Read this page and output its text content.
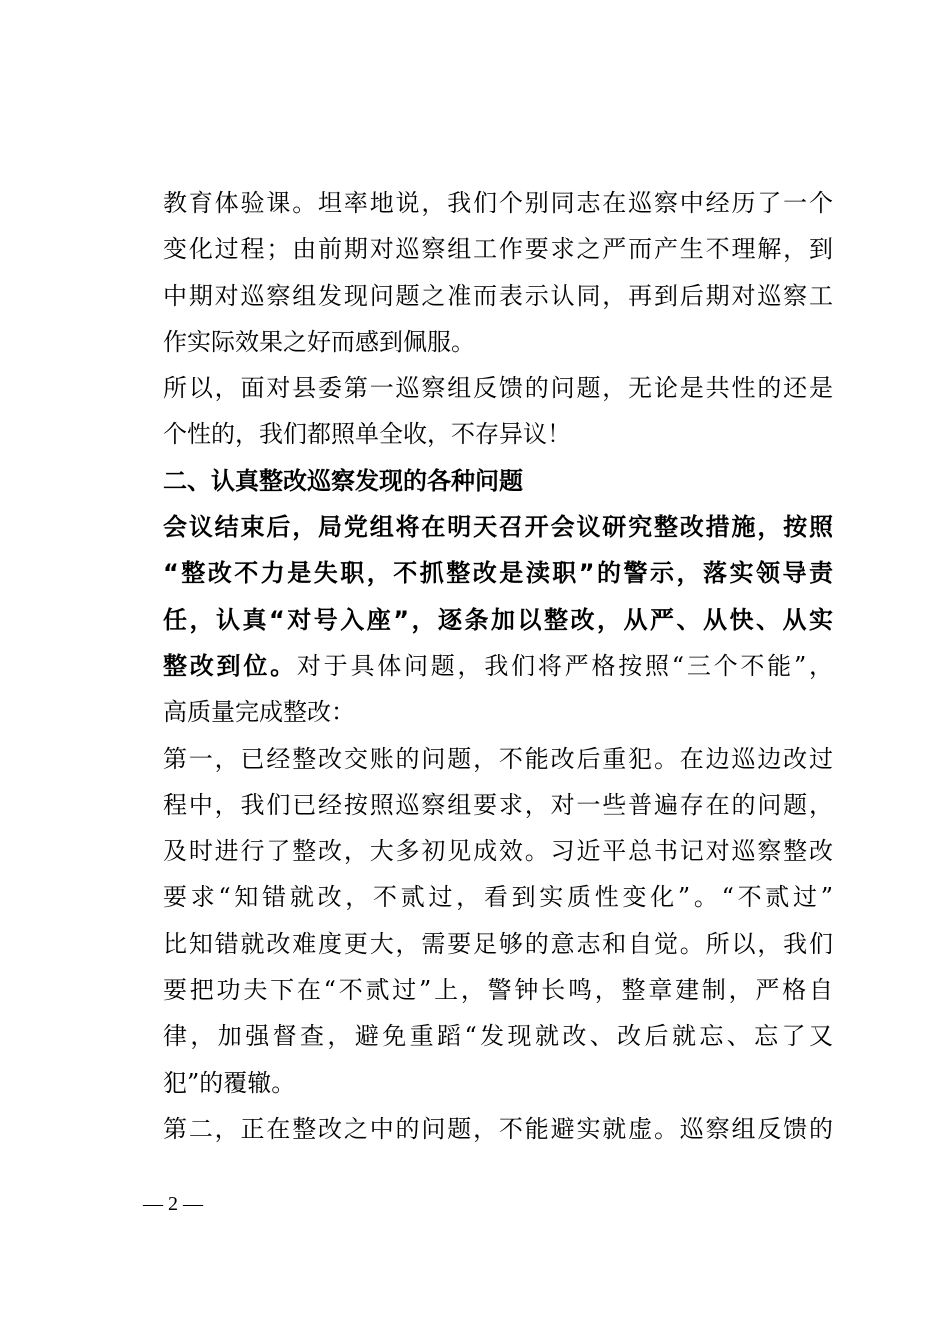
教育体验课。坦率地说，我们个别同志在巡察中经历了一个
变化过程；由前期对巡察组工作要求之严而产生不理解，到
中期对巡察组发现问题之准而表示认同，再到后期对巡察工
作实际效果之好而感到佩服。
所以，面对县委第一巡察组反馈的问题，无论是共性的还是
个性的，我们都照单全收，不存异议！
二、认真整改巡察发现的各种问题
会议结束后，局党组将在明天召开会议研究整改措施，按照
“整改不力是失职，不抓整改是渎职”的警示，落实领导责
任，认真“对号入座”，逐条加以整改，从严、从快、从实
整改到位。对于具体问题，我们将严格按照“三个不能”，
高质量完成整改：
第一，已经整改交账的问题，不能改后重犯。在边巡边改过
程中，我们已经按照巡察组要求，对一些普遍存在的问题，
及时进行了整改，大多初见成效。习近平总书记对巡察整改
要求“知错就改，不贰过，看到实质性变化”。“不贰过”
比知错就改难度更大，需要足够的意志和自觉。所以，我们
要把功夫下在“不贰过”上，警钟长鸣，整章建制，严格自
律，加强督查，避免重蹈“发现就改、改后就忘、忘了又
犯”的覆辙。
第二，正在整改之中的问题，不能避实就虚。巡察组反馈的
— 2 —
